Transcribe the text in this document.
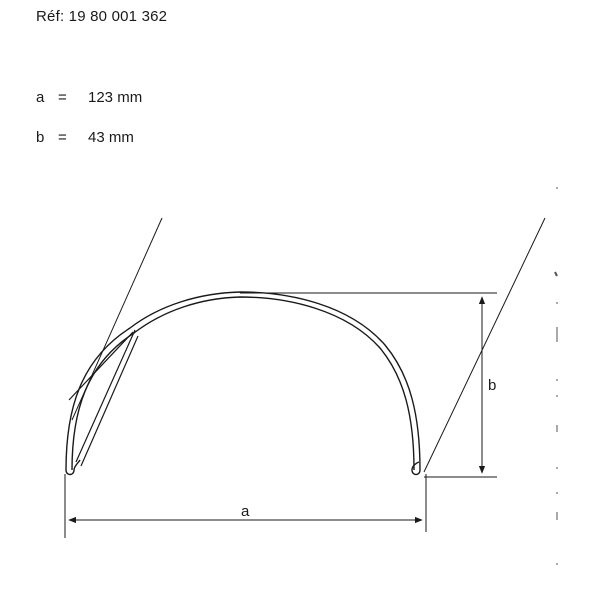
Réf: 19 80 001 362
a = 123 mm
b = 43 mm
b
a
